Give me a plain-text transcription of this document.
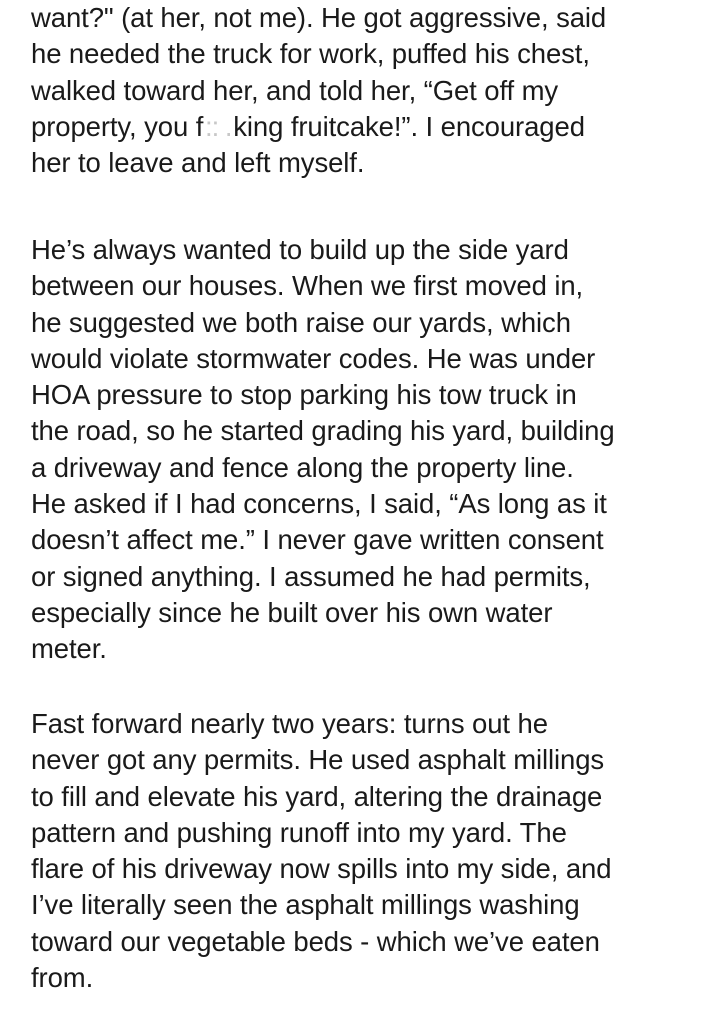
want?" (at her, not me). He got aggressive, said
he needed the truck for work, puffed his chest,
walked toward her, and told her, “Get off my
property, you f:: .king fruitcake!”. I encouraged
her to leave and left myself.
He’s always wanted to build up the side yard
between our houses. When we first moved in,
he suggested we both raise our yards, which
would violate stormwater codes. He was under
HOA pressure to stop parking his tow truck in
the road, so he started grading his yard, building
a driveway and fence along the property line.
He asked if I had concerns, I said, “As long as it
doesn’t affect me.” I never gave written consent
or signed anything. I assumed he had permits,
especially since he built over his own water
meter.
Fast forward nearly two years: turns out he
never got any permits. He used asphalt millings
to fill and elevate his yard, altering the drainage
pattern and pushing runoff into my yard. The
flare of his driveway now spills into my side, and
I’ve literally seen the asphalt millings washing
toward our vegetable beds - which we’ve eaten
from.
